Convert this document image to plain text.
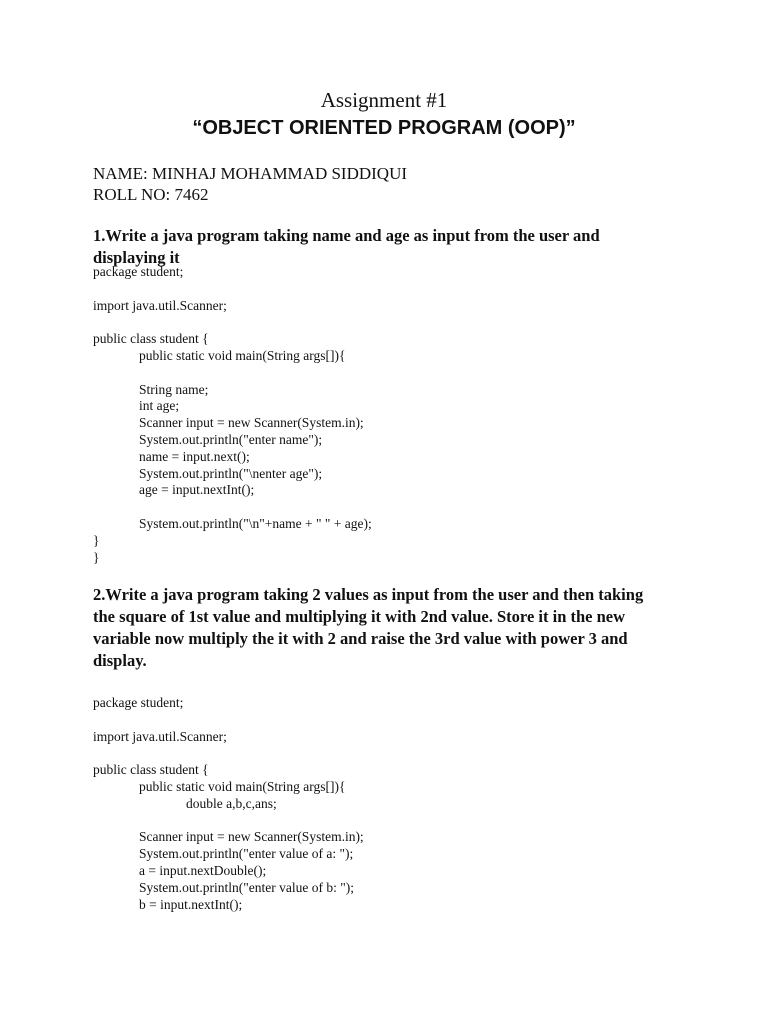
Assignment #1
“OBJECT ORIENTED PROGRAM (OOP)”
NAME: MINHAJ MOHAMMAD SIDDIQUI
ROLL NO: 7462
1.Write a java program taking name and age as input from the user and displaying it
package student;
import java.util.Scanner;
public class student {
public static void main(String args[]){
String name;
int age;
Scanner input = new Scanner(System.in);
System.out.println("enter name");
name = input.next();
System.out.println("\nenter age");
age = input.nextInt();
System.out.println("\n"+name + " " + age);
}
}
2.Write a java program taking 2 values as input from the user and then taking the square of 1st value and multiplying it with 2nd value. Store it in the new variable now multiply the it with 2 and raise the 3rd value with power 3 and display.
package student;
import java.util.Scanner;
public class student {
public static void main(String args[]){
double a,b,c,ans;
Scanner input = new Scanner(System.in);
System.out.println("enter value of a: ");
a = input.nextDouble();
System.out.println("enter value of b: ");
b = input.nextInt();
